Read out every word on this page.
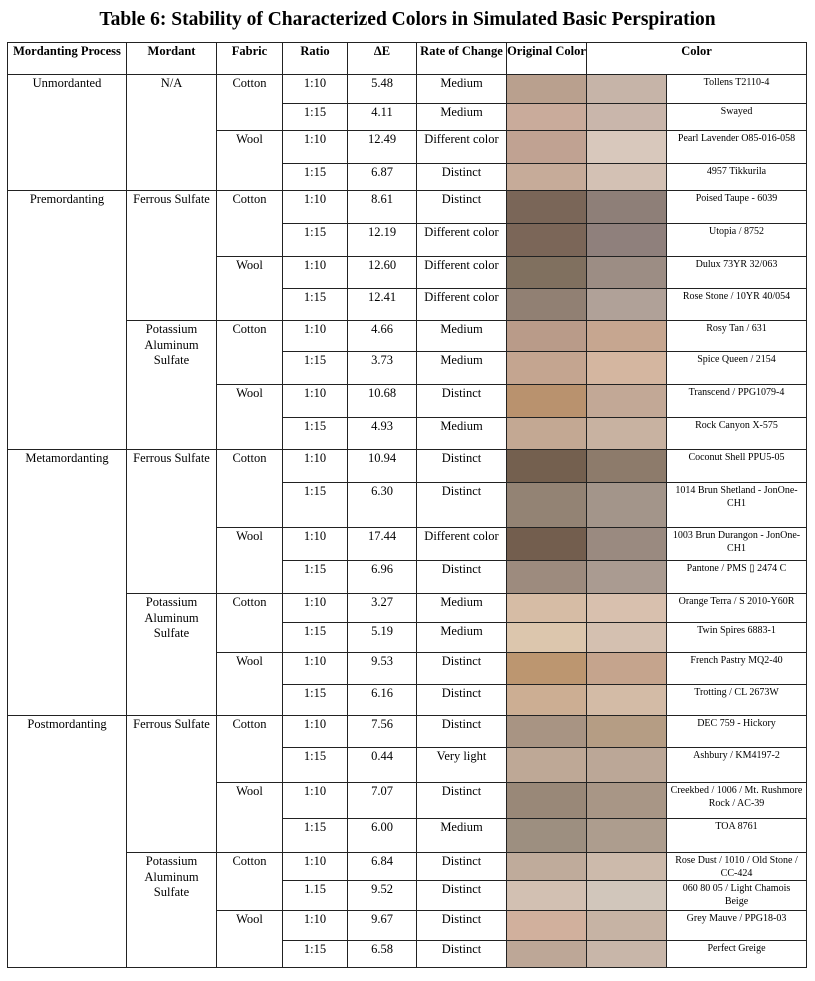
Table 6: Stability of Characterized Colors in Simulated Basic Perspiration
Mordanting Process	Mordant	Fabric	Ratio	ΔE	Rate of Change	Original Color	Color	
Unmordanted	N/A	Cotton	1:10	5.48	Medium			Tollens T2110-4
			1:15	4.11	Medium			Swayed
		Wool	1:10	12.49	Different color			Pearl Lavender O85-016-058
			1:15	6.87	Distinct			4957 Tikkurila
Premordanting	Ferrous Sulfate	Cotton	1:10	8.61	Distinct			Poised Taupe - 6039
			1:15	12.19	Different color			Utopia / 8752
		Wool	1:10	12.60	Different color			Dulux 73YR 32/063
			1:15	12.41	Different color			Rose Stone / 10YR 40/054
	Potassium Aluminum Sulfate	Cotton	1:10	4.66	Medium			Rosy Tan / 631
			1:15	3.73	Medium			Spice Queen / 2154
		Wool	1:10	10.68	Distinct			Transcend / PPG1079-4
			1:15	4.93	Medium			Rock Canyon X-575
Metamordanting	Ferrous Sulfate	Cotton	1:10	10.94	Distinct			Coconut Shell PPU5-05
			1:15	6.30	Distinct			1014 Brun Shetland - JonOne-CH1
		Wool	1:10	17.44	Different color			1003 Brun Durangon - JonOne-CH1
			1:15	6.96	Distinct			Pantone / PMS ▯ 2474 C
	Potassium Aluminum Sulfate	Cotton	1:10	3.27	Medium			Orange Terra / S 2010-Y60R
			1:15	5.19	Medium			Twin Spires 6883-1
		Wool	1:10	9.53	Distinct			French Pastry MQ2-40
			1:15	6.16	Distinct			Trotting / CL 2673W
Postmordanting	Ferrous Sulfate	Cotton	1:10	7.56	Distinct			DEC 759 - Hickory
			1:15	0.44	Very light			Ashbury / KM4197-2
		Wool	1:10	7.07	Distinct			Creekbed / 1006 / Mt. Rushmore Rock / AC-39
			1:15	6.00	Medium			TOA 8761
	Potassium Aluminum Sulfate	Cotton	1:10	6.84	Distinct			Rose Dust / 1010 / Old Stone / CC-424
			1.15	9.52	Distinct			060 80 05 / Light Chamois Beige
		Wool	1:10	9.67	Distinct			Grey Mauve / PPG18-03
			1:15	6.58	Distinct			Perfect Greige
